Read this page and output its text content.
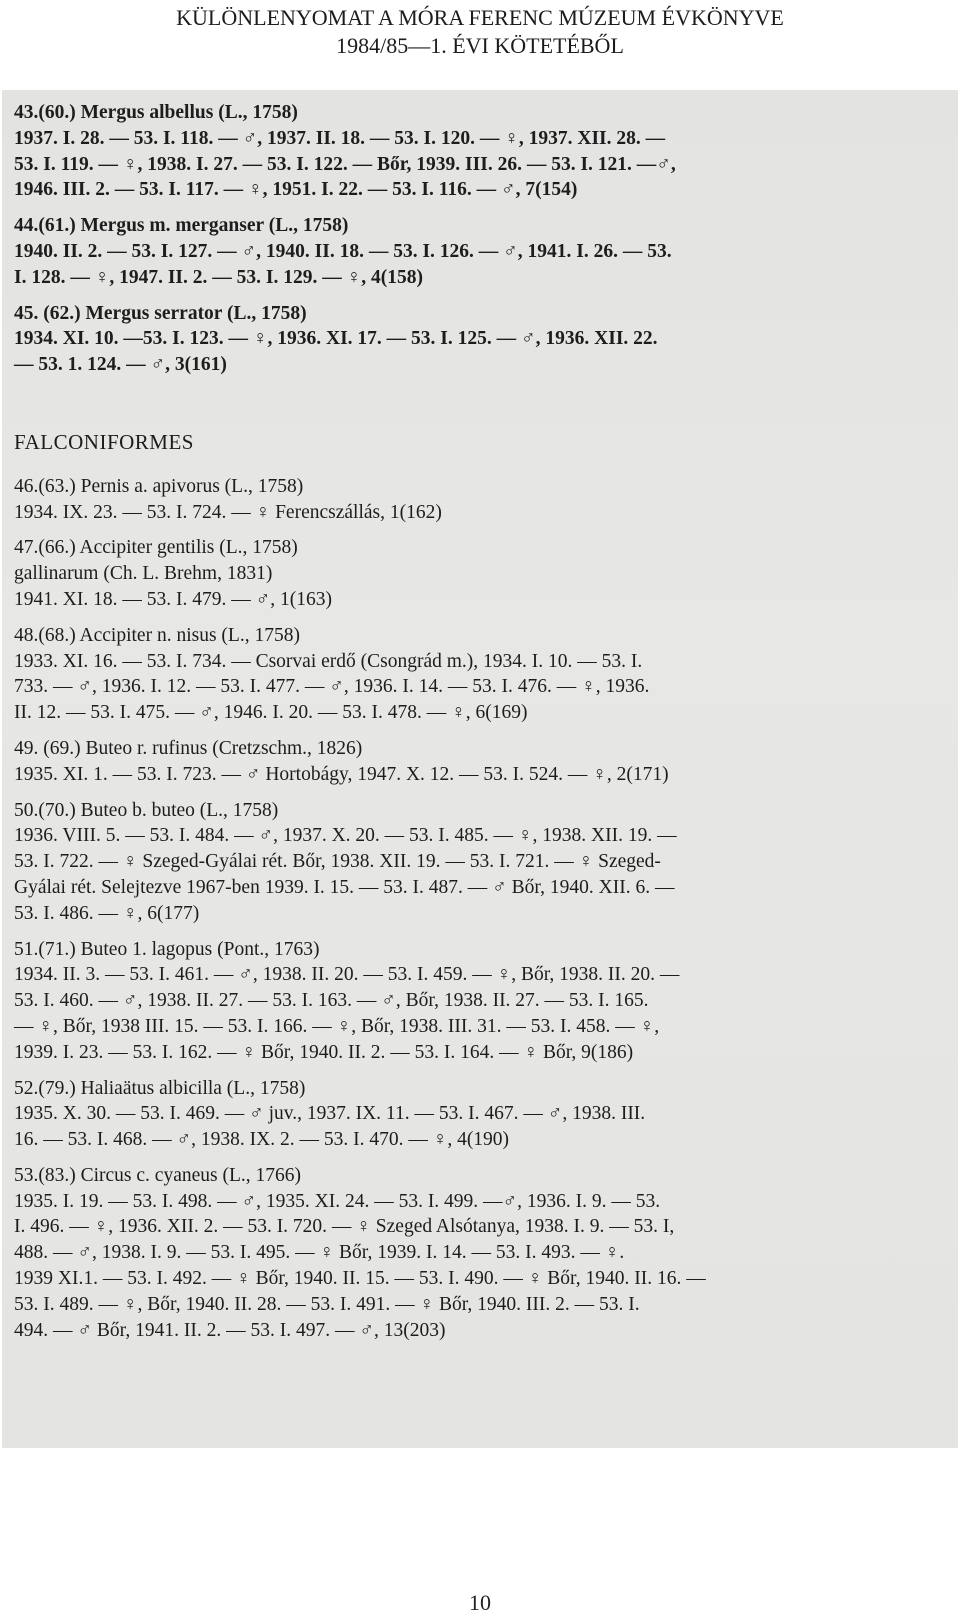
KÜLÖNLENYOMAT A MÓRA FERENC MÚZEUM ÉVKÖNYVE
1984/85—1. ÉVI KÖTETÉBŐL
43.(60.) Mergus albellus (L., 1758)
1937. I. 28. — 53. I. 118. — ♂, 1937. II. 18. — 53. I. 120. — ♀, 1937. XII. 28. —
53. I. 119. — ♀, 1938. I. 27. — 53. I. 122. — Bőr, 1939. III. 26. — 53. I. 121. —♂,
1946. III. 2. — 53. I. 117. — ♀, 1951. I. 22. — 53. I. 116. — ♂, 7(154)
44.(61.) Mergus m. merganser (L., 1758)
1940. II. 2. — 53. I. 127. — ♂, 1940. II. 18. — 53. I. 126. — ♂, 1941. I. 26. — 53.
I. 128. — ♀, 1947. II. 2. — 53. I. 129. — ♀, 4(158)
45. (62.) Mergus serrator (L., 1758)
1934. XI. 10. —53. I. 123. — ♀, 1936. XI. 17. — 53. I. 125. — ♂, 1936. XII. 22.
— 53. 1. 124. — ♂, 3(161)
FALCONIFORMES
46.(63.) Pernis a. apivorus (L., 1758)
1934. IX. 23. — 53. I. 724. — ♀ Ferencszállás, 1(162)
47.(66.) Accipiter gentilis (L., 1758)
gallinarum (Ch. L. Brehm, 1831)
1941. XI. 18. — 53. I. 479. — ♂, 1(163)
48.(68.) Accipiter n. nisus (L., 1758)
1933. XI. 16. — 53. I. 734. — Csorvai erdő (Csongrád m.), 1934. I. 10. — 53. I.
733. — ♂, 1936. I. 12. — 53. I. 477. — ♂, 1936. I. 14. — 53. I. 476. — ♀, 1936.
II. 12. — 53. I. 475. — ♂, 1946. I. 20. — 53. I. 478. — ♀, 6(169)
49. (69.) Buteo r. rufinus (Cretzschm., 1826)
1935. XI. 1. — 53. I. 723. — ♂ Hortobágy, 1947. X. 12. — 53. I. 524. — ♀, 2(171)
50.(70.) Buteo b. buteo (L., 1758)
1936. VIII. 5. — 53. I. 484. — ♂, 1937. X. 20. — 53. I. 485. — ♀, 1938. XII. 19. —
53. I. 722. — ♀ Szeged-Gyálai rét. Bőr, 1938. XII. 19. — 53. I. 721. — ♀ Szeged-
Gyálai rét. Selejtezve 1967-ben 1939. I. 15. — 53. I. 487. — ♂ Bőr, 1940. XII. 6. —
53. I. 486. — ♀, 6(177)
51.(71.) Buteo 1. lagopus (Pont., 1763)
1934. II. 3. — 53. I. 461. — ♂, 1938. II. 20. — 53. I. 459. — ♀, Bőr, 1938. II. 20. —
53. I. 460. — ♂, 1938. II. 27. — 53. I. 163. — ♂, Bőr, 1938. II. 27. — 53. I. 165.
— ♀, Bőr, 1938 III. 15. — 53. I. 166. — ♀, Bőr, 1938. III. 31. — 53. I. 458. — ♀,
1939. I. 23. — 53. I. 162. — ♀ Bőr, 1940. II. 2. — 53. I. 164. — ♀ Bőr, 9(186)
52.(79.) Haliaätus albicilla (L., 1758)
1935. X. 30. — 53. I. 469. — ♂ juv., 1937. IX. 11. — 53. I. 467. — ♂, 1938. III.
16. — 53. I. 468. — ♂, 1938. IX. 2. — 53. I. 470. — ♀, 4(190)
53.(83.) Circus c. cyaneus (L., 1766)
1935. I. 19. — 53. I. 498. — ♂, 1935. XI. 24. — 53. I. 499. —♂, 1936. I. 9. — 53.
I. 496. — ♀, 1936. XII. 2. — 53. I. 720. — ♀ Szeged Alsótanya, 1938. I. 9. — 53. I,
488. — ♂, 1938. I. 9. — 53. I. 495. — ♀ Bőr, 1939. I. 14. — 53. I. 493. — ♀.
1939 XI.1. — 53. I. 492. — ♀ Bőr, 1940. II. 15. — 53. I. 490. — ♀ Bőr, 1940. II. 16. —
53. I. 489. — ♀, Bőr, 1940. II. 28. — 53. I. 491. — ♀ Bőr, 1940. III. 2. — 53. I.
494. — ♂ Bőr, 1941. II. 2. — 53. I. 497. — ♂, 13(203)
10
